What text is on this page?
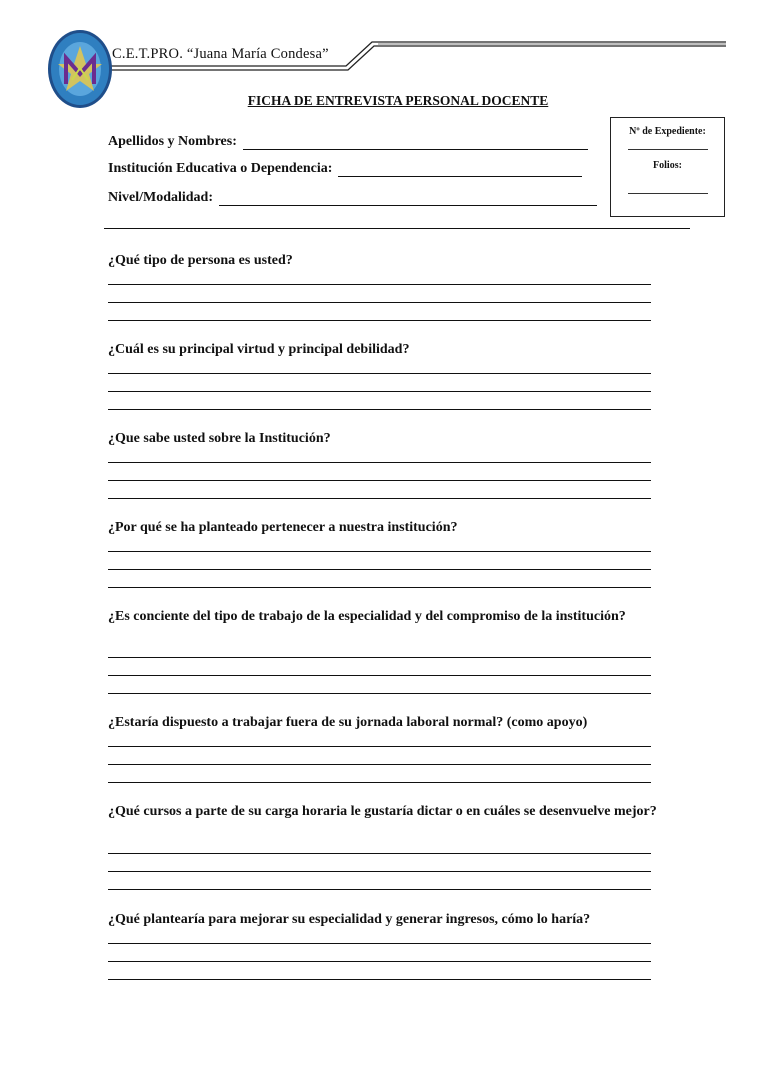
C.E.T.PRO. “Juana María Condesa”
FICHA DE ENTREVISTA PERSONAL DOCENTE
Apellidos y Nombres:
Institución Educativa o Dependencia:
Nivel/Modalidad:
Nº de Expediente:
Folios:
¿Qué tipo de persona es usted?
¿Cuál es su principal virtud y principal debilidad?
¿Que sabe usted sobre la Institución?
¿Por qué se ha planteado pertenecer a nuestra institución?
¿Es conciente del tipo de trabajo de la especialidad y del compromiso de la institución?
¿Estaría dispuesto a trabajar fuera de su jornada laboral normal? (como apoyo)
¿Qué cursos a parte de su carga horaria le gustaría dictar o en cuáles se desenvuelve mejor?
¿Qué plantearía para mejorar su especialidad y generar ingresos, cómo lo haría?
